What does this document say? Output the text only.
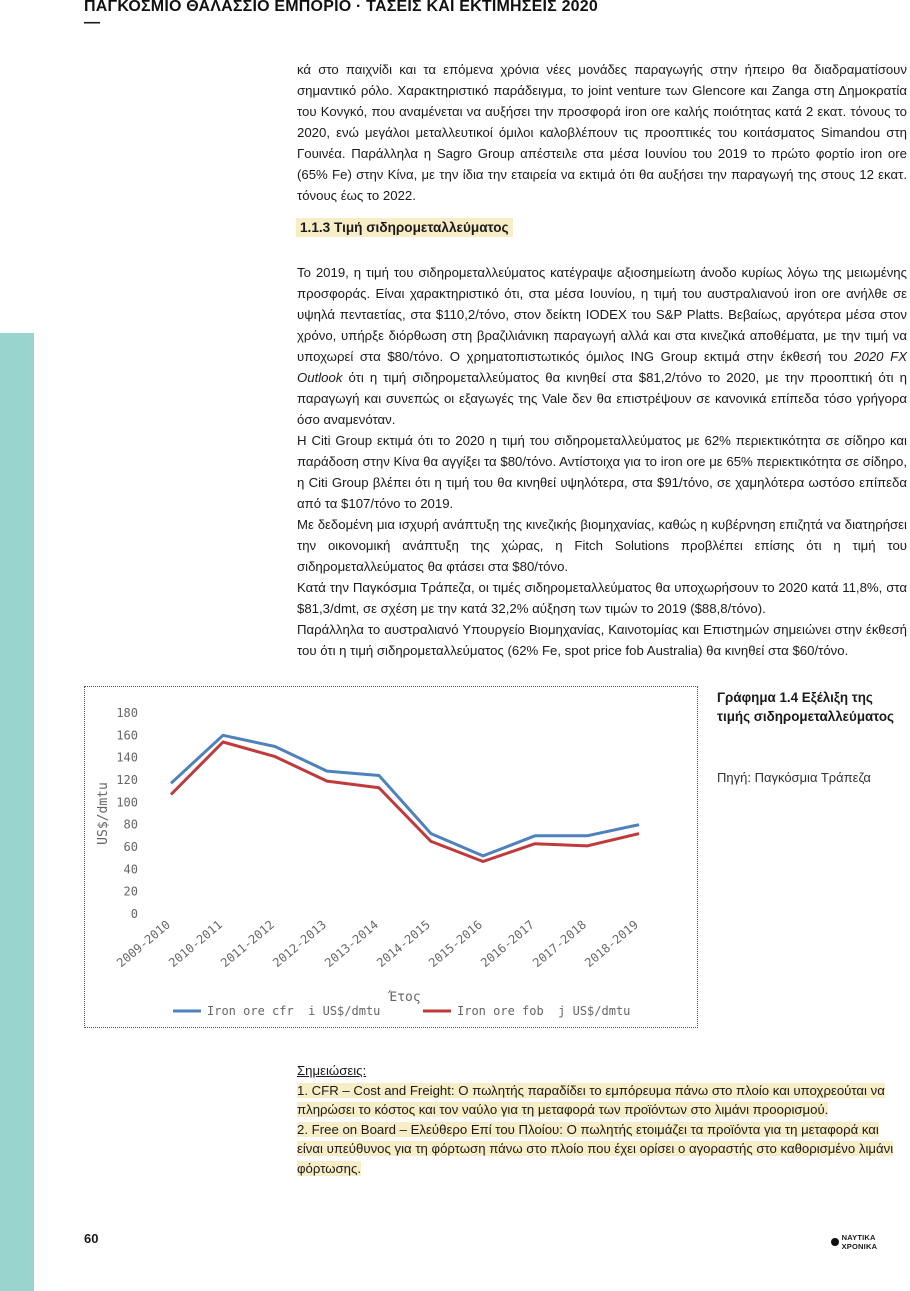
ΠΑΓΚΟΣΜΙΟ ΘΑΛΑΣΣΙΟ ΕΜΠΟΡΙΟ · ΤΑΣΕΙΣ ΚΑΙ ΕΚΤΙΜΗΣΕΙΣ 2020
—

κά στο παιχνίδι και τα επόμενα χρόνια νέες μονάδες παραγωγής στην ήπειρο θα διαδραματίσουν σημαντικό ρόλο. Χαρακτηριστικό παράδειγμα, το joint venture των Glencore και Zanga στη Δημοκρατία του Κονγκό, που αναμένεται να αυξήσει την προσφορά iron ore καλής ποιότητας κατά 2 εκατ. τόνους το 2020, ενώ μεγάλοι μεταλλευτικοί όμιλοι καλοβλέπουν τις προοπτικές του κοιτάσματος Simandou στη Γουινέα. Παράλληλα η Sagro Group απέστειλε στα μέσα Ιουνίου του 2019 το πρώτο φορτίο iron ore (65% Fe) στην Κίνα, με την ίδια την εταιρεία να εκτιμά ότι θα αυξήσει την παραγωγή της στους 12 εκατ. τόνους έως το 2022.

1.1.3 Τιμή σιδηρομεταλλεύματος

Το 2019, η τιμή του σιδηρομεταλλεύματος κατέγραψε αξιοσημείωτη άνοδο κυρίως λόγω της μειωμένης προσφοράς. Είναι χαρακτηριστικό ότι, στα μέσα Ιουνίου, η τιμή του αυστραλιανού iron ore ανήλθε σε υψηλά πενταετίας, στα $110,2/τόνο, στον δείκτη IODEX του S&P Platts. Βεβαίως, αργότερα μέσα στον χρόνο, υπήρξε διόρθωση στη βραζιλιάνικη παραγωγή αλλά και στα κινεζικά αποθέματα, με την τιμή να υποχωρεί στα $80/τόνο. Ο χρηματοπιστωτικός όμιλος ING Group εκτιμά στην έκθεσή του 2020 FX Outlook ότι η τιμή σιδηρομεταλλεύματος θα κινηθεί στα $81,2/τόνο το 2020, με την προοπτική ότι η παραγωγή και συνεπώς οι εξαγωγές της Vale δεν θα επιστρέψουν σε κανονικά επίπεδα τόσο γρήγορα όσο αναμενόταν.

Η Citi Group εκτιμά ότι το 2020 η τιμή του σιδηρομεταλλεύματος με 62% περιεκτικότητα σε σίδηρο και παράδοση στην Κίνα θα αγγίξει τα $80/τόνο. Αντίστοιχα για το iron ore με 65% περιεκτικότητα σε σίδηρο, η Citi Group βλέπει ότι η τιμή του θα κινηθεί υψηλότερα, στα $91/τόνο, σε χαμηλότερα ωστόσο επίπεδα από τα $107/τόνο το 2019.

Με δεδομένη μια ισχυρή ανάπτυξη της κινεζικής βιομηχανίας, καθώς η κυβέρνηση επιζητά να διατηρήσει την οικονομική ανάπτυξη της χώρας, η Fitch Solutions προβλέπει επίσης ότι η τιμή του σιδηρομεταλλεύματος θα φτάσει στα $80/τόνο.

Κατά την Παγκόσμια Τράπεζα, οι τιμές σιδηρομεταλλεύματος θα υποχωρήσουν το 2020 κατά 11,8%, στα $81,3/dmt, σε σχέση με την κατά 32,2% αύξηση των τιμών το 2019 ($88,8/τόνο).

Παράλληλα το αυστραλιανό Υπουργείο Βιομηχανίας, Καινοτομίας και Επιστημών σημειώνει στην έκθεσή του ότι η τιμή σιδηρομεταλλεύματος (62% Fe, spot price fob Australia) θα κινηθεί στα $60/τόνο.

0
20
40
60
80
100
120
140
160
180
US$/dmtu
2009-2010
2010-2011
2011-2012
2012-2013
2013-2014
2014-2015
2015-2016
2016-2017
2017-2018
2018-2019
Έτος
Iron ore cfr  i US$/dmtu	Iron ore fob  j US$/dmtu
Γράφημα 1.4 Εξέλιξη της τιμής σιδηρομεταλλεύματος
Πηγή: Παγκόσμια Τράπεζα
Σημειώσεις:
1. CFR – Cost and Freight: Ο πωλητής παραδίδει το εμπόρευμα πάνω στο πλοίο και υποχρεούται να πληρώσει το κόστος και τον ναύλο για τη μεταφορά των προϊόντων στο λιμάνι προορισμού.
2. Free on Board – Ελεύθερο Επί του Πλοίου: Ο πωλητής ετοιμάζει τα προϊόντα για τη μεταφορά και είναι υπεύθυνος για τη φόρτωση πάνω στο πλοίο που έχει ορίσει ο αγοραστής στο καθορισμένο λιμάνι φόρτωσης.
60	ΝΑΥΤΙΚΑ ΧΡΟΝΙΚΑ
